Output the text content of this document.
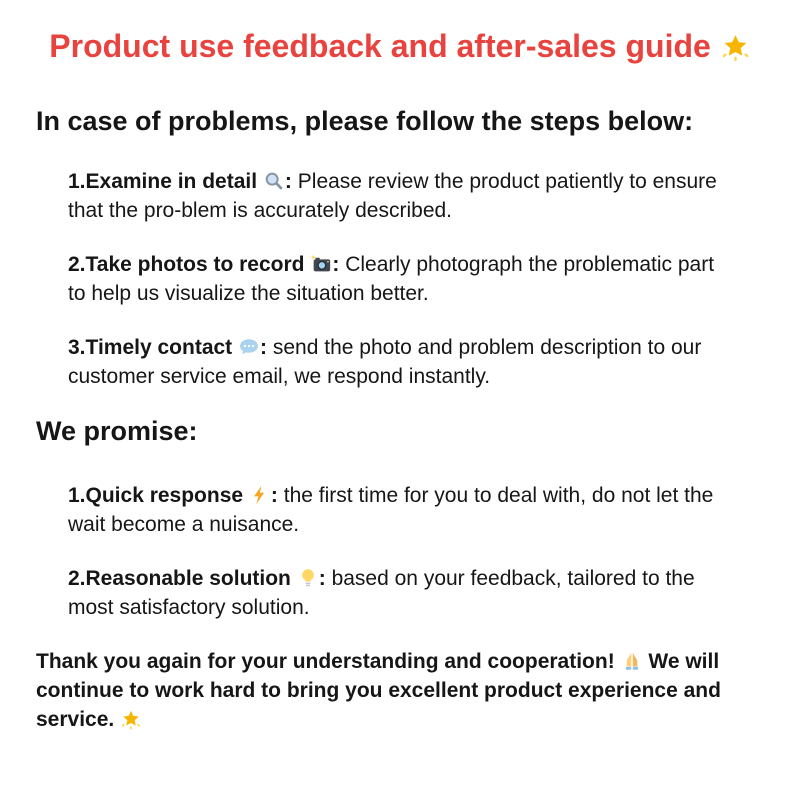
Product use feedback and after-sales guide
In case of problems, please follow the steps below:

1.Examine in detail : Please review the product patiently to ensure that the pro-blem is accurately described.

2.Take photos to record : Clearly photograph the problematic part to help us visualize the situation better.

3.Timely contact : send the photo and problem description to our customer service email, we respond instantly.

We promise:

1.Quick response : the first time for you to deal with, do not let the wait become a nuisance.

2.Reasonable solution : based on your feedback, tailored to the most satisfactory solution.

Thank you again for your understanding and cooperation! We will continue to work hard to bring you excellent product experience and service.
